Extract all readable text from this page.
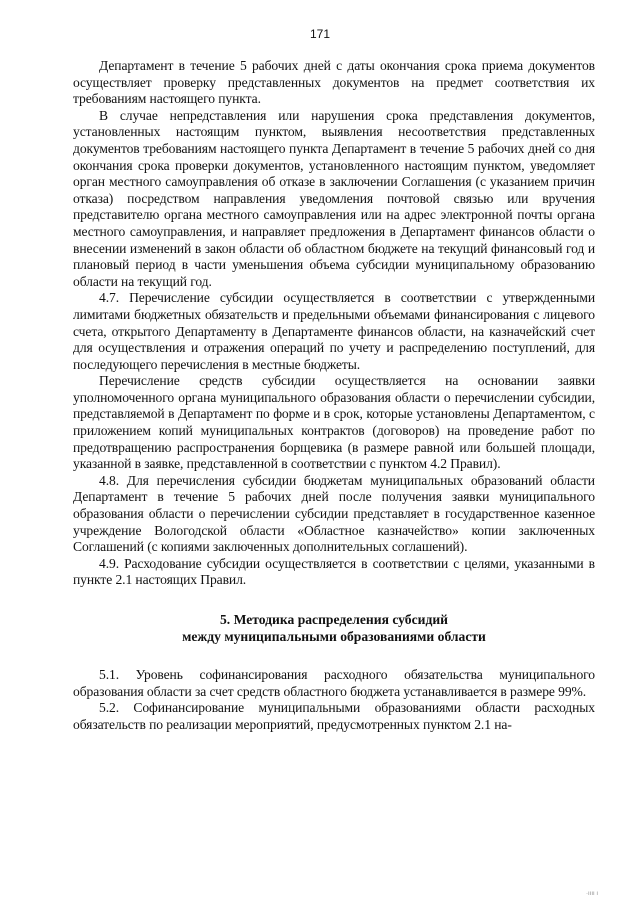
171

Департамент в течение 5 рабочих дней с даты окончания срока приема документов осуществляет проверку представленных документов на предмет соответствия их требованиям настоящего пункта.

В случае непредставления или нарушения срока представления документов, установленных настоящим пунктом, выявления несоответствия представленных документов требованиям настоящего пункта Департамент в течение 5 рабочих дней со дня окончания срока проверки документов, установленного настоящим пунктом, уведомляет орган местного самоуправления об отказе в заключении Соглашения (с указанием причин отказа) посредством направления уведомления почтовой связью или вручения представителю органа местного самоуправления или на адрес электронной почты органа местного самоуправления, и направляет предложения в Департамент финансов области о внесении изменений в закон области об областном бюджете на текущий финансовый год и плановый период в части уменьшения объема субсидии муниципальному образованию области на текущий год.

4.7. Перечисление субсидии осуществляется в соответствии с утвержденными лимитами бюджетных обязательств и предельными объемами финансирования с лицевого счета, открытого Департаменту в Департаменте финансов области, на казначейский счет для осуществления и отражения операций по учету и распределению поступлений, для последующего перечисления в местные бюджеты.

Перечисление средств субсидии осуществляется на основании заявки уполномоченного органа муниципального образования области о перечислении субсидии, представляемой в Департамент по форме и в срок, которые установлены Департаментом, с приложением копий муниципальных контрактов (договоров) на проведение работ по предотвращению распространения борщевика (в размере равной или большей площади, указанной в заявке, представленной в соответствии с пунктом 4.2 Правил).

4.8. Для перечисления субсидии бюджетам муниципальных образований области Департамент в течение 5 рабочих дней после получения заявки муниципального образования области о перечислении субсидии представляет в государственное казенное учреждение Вологодской области «Областное казначейство» копии заключенных Соглашений (с копиями заключенных дополнительных соглашений).

4.9. Расходование субсидии осуществляется в соответствии с целями, указанными в пункте 2.1 настоящих Правил.

5. Методика распределения субсидий
между муниципальными образованиями области

5.1. Уровень софинансирования расходного обязательства муниципального образования области за счет средств областного бюджета устанавливается в размере 99%.

5.2. Софинансирование муниципальными образованиями области расходных обязательств по реализации мероприятий, предусмотренных пунктом 2.1 на-

·ıııı ı
